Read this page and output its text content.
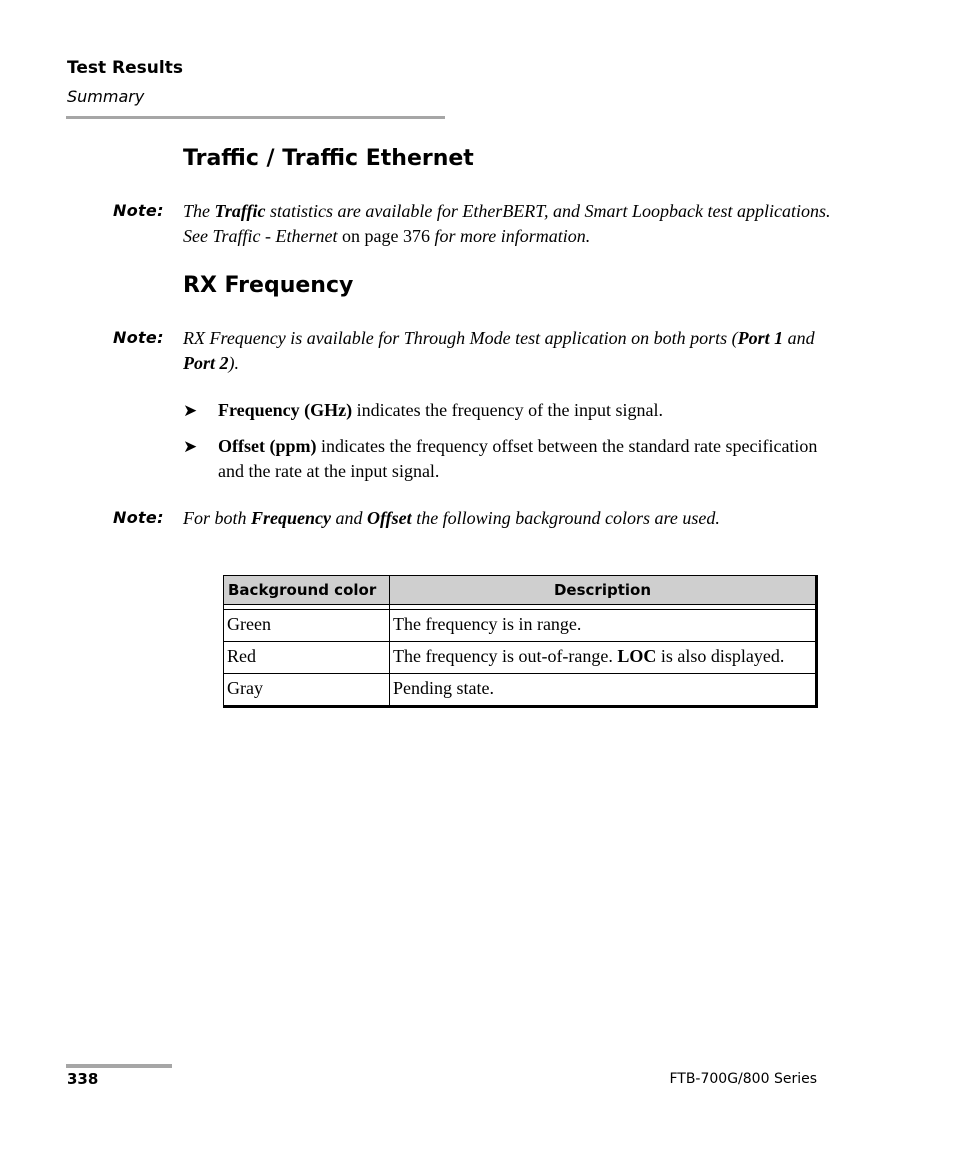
Test Results
Summary
Traffic / Traffic Ethernet
Note: The Traffic statistics are available for EtherBERT, and Smart Loopback test applications. See Traffic - Ethernet on page 376 for more information.
RX Frequency
Note: RX Frequency is available for Through Mode test application on both ports (Port 1 and Port 2).
➤ Frequency (GHz) indicates the frequency of the input signal.
➤ Offset (ppm) indicates the frequency offset between the standard rate specification and the rate at the input signal.
Note: For both Frequency and Offset the following background colors are used.
Background color	Description

Green	The frequency is in range.
Red	The frequency is out-of-range. LOC is also displayed.
Gray	Pending state.
338	FTB-700G/800 Series
